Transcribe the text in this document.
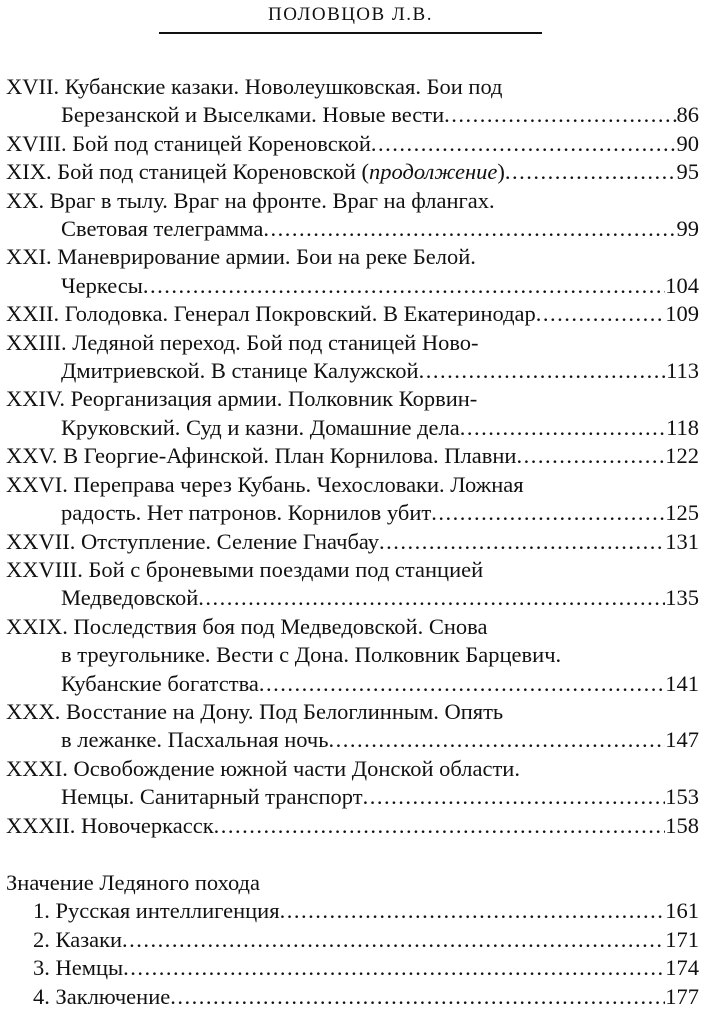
ПОЛОВЦОВ Л.В.
XVII. Кубанские казаки. Новолеушковская. Бои под
Березанской и Выселками. Новые вести .....	86
XVIII. Бой под станицей Кореновской .....	90
XIX. Бой под станицей Кореновской (продолжение) .....	95
XX. Враг в тылу. Враг на фронте. Враг на флангах.
Световая телеграмма .....	99
XXI. Маневрирование армии. Бои на реке Белой.
Черкесы .....	104
XXII. Голодовка. Генерал Покровский. В Екатеринодар .....	109
XXIII. Ледяной переход. Бой под станицей Ново-
Дмитриевской. В станице Калужской .....	113
XXIV. Реорганизация армии. Полковник Корвин-
Круковский. Суд и казни. Домашние дела .....	118
XXV. В Георгие-Афинской. План Корнилова. Плавни .....	122
XXVI. Переправа через Кубань. Чехословаки. Ложная
радость. Нет патронов. Корнилов убит .....	125
XXVII. Отступление. Селение Гначбау .....	131
XXVIII. Бой с броневыми поездами под станцией
Медведовской .....	135
XXIX. Последствия боя под Медведовской. Снова
в треугольнике. Вести с Дона. Полковник Барцевич.
Кубанские богатства .....	141
XXX. Восстание на Дону. Под Белоглинным. Опять
в лежанке. Пасхальная ночь .....	147
XXXI. Освобождение южной части Донской области.
Немцы. Санитарный транспорт .....	153
XXXII. Новочеркасск .....	158
Значение Ледяного похода
1. Русская интеллигенция .....	161
2. Казаки .....	171
3. Немцы .....	174
4. Заключение .....	177
